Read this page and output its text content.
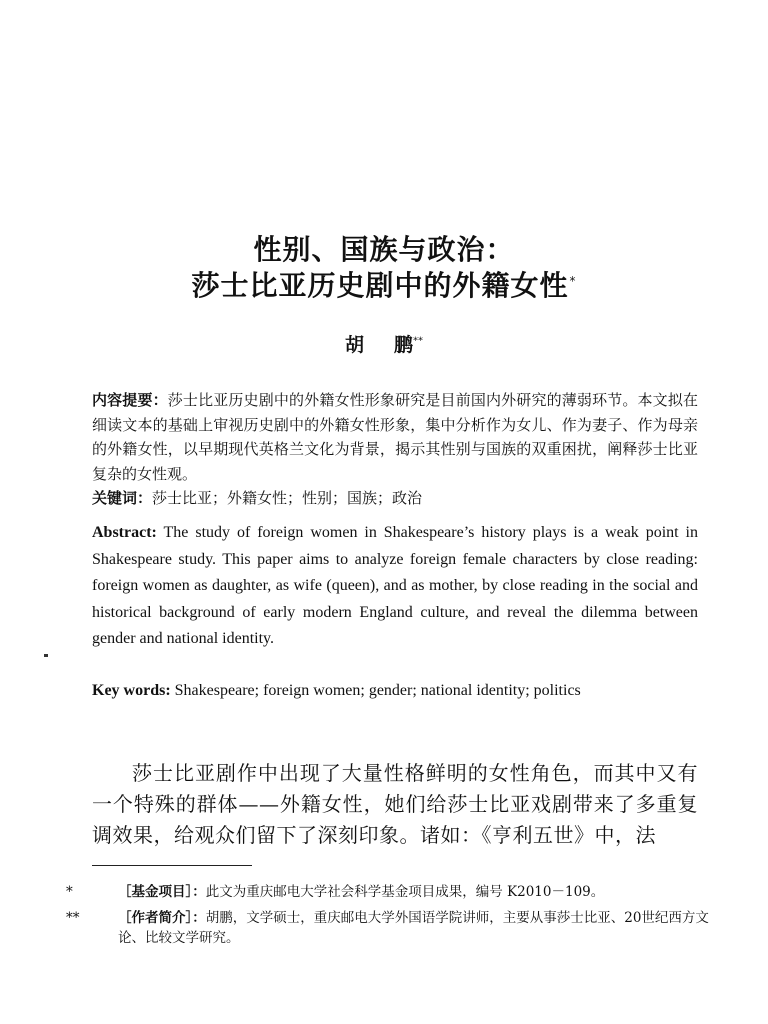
性别、国族与政治：
莎士比亚历史剧中的外籍女性*
胡 鹏**
内容提要：莎士比亚历史剧中的外籍女性形象研究是目前国内外研究的薄弱环节。本文拟在细读文本的基础上审视历史剧中的外籍女性形象，集中分析作为女儿、作为妻子、作为母亲的外籍女性，以早期现代英格兰文化为背景，揭示其性别与国族的双重困扰，阐释莎士比亚复杂的女性观。
关键词：莎士比亚；外籍女性；性别；国族；政治
Abstract: The study of foreign women in Shakespeare’s history plays is a weak point in Shakespeare study. This paper aims to analyze foreign female characters by close reading: foreign women as daughter, as wife (queen), and as mother, by close reading in the social and historical background of early modern England culture, and reveal the dilemma between gender and national identity.
Key words: Shakespeare; foreign women; gender; national identity; politics
莎士比亚剧作中出现了大量性格鲜明的女性角色，而其中又有一个特殊的群体——外籍女性，她们给莎士比亚戏剧带来了多重复调效果，给观众们留下了深刻印象。诸如：《亨利五世》中，法
*	［基金项目］：此文为重庆邮电大学社会科学基金项目成果，编号 K2010－109。
**	［作者简介］：胡鹏，文学硕士，重庆邮电大学外国语学院讲师，主要从事莎士比亚、20世纪西方文论、比较文学研究。
